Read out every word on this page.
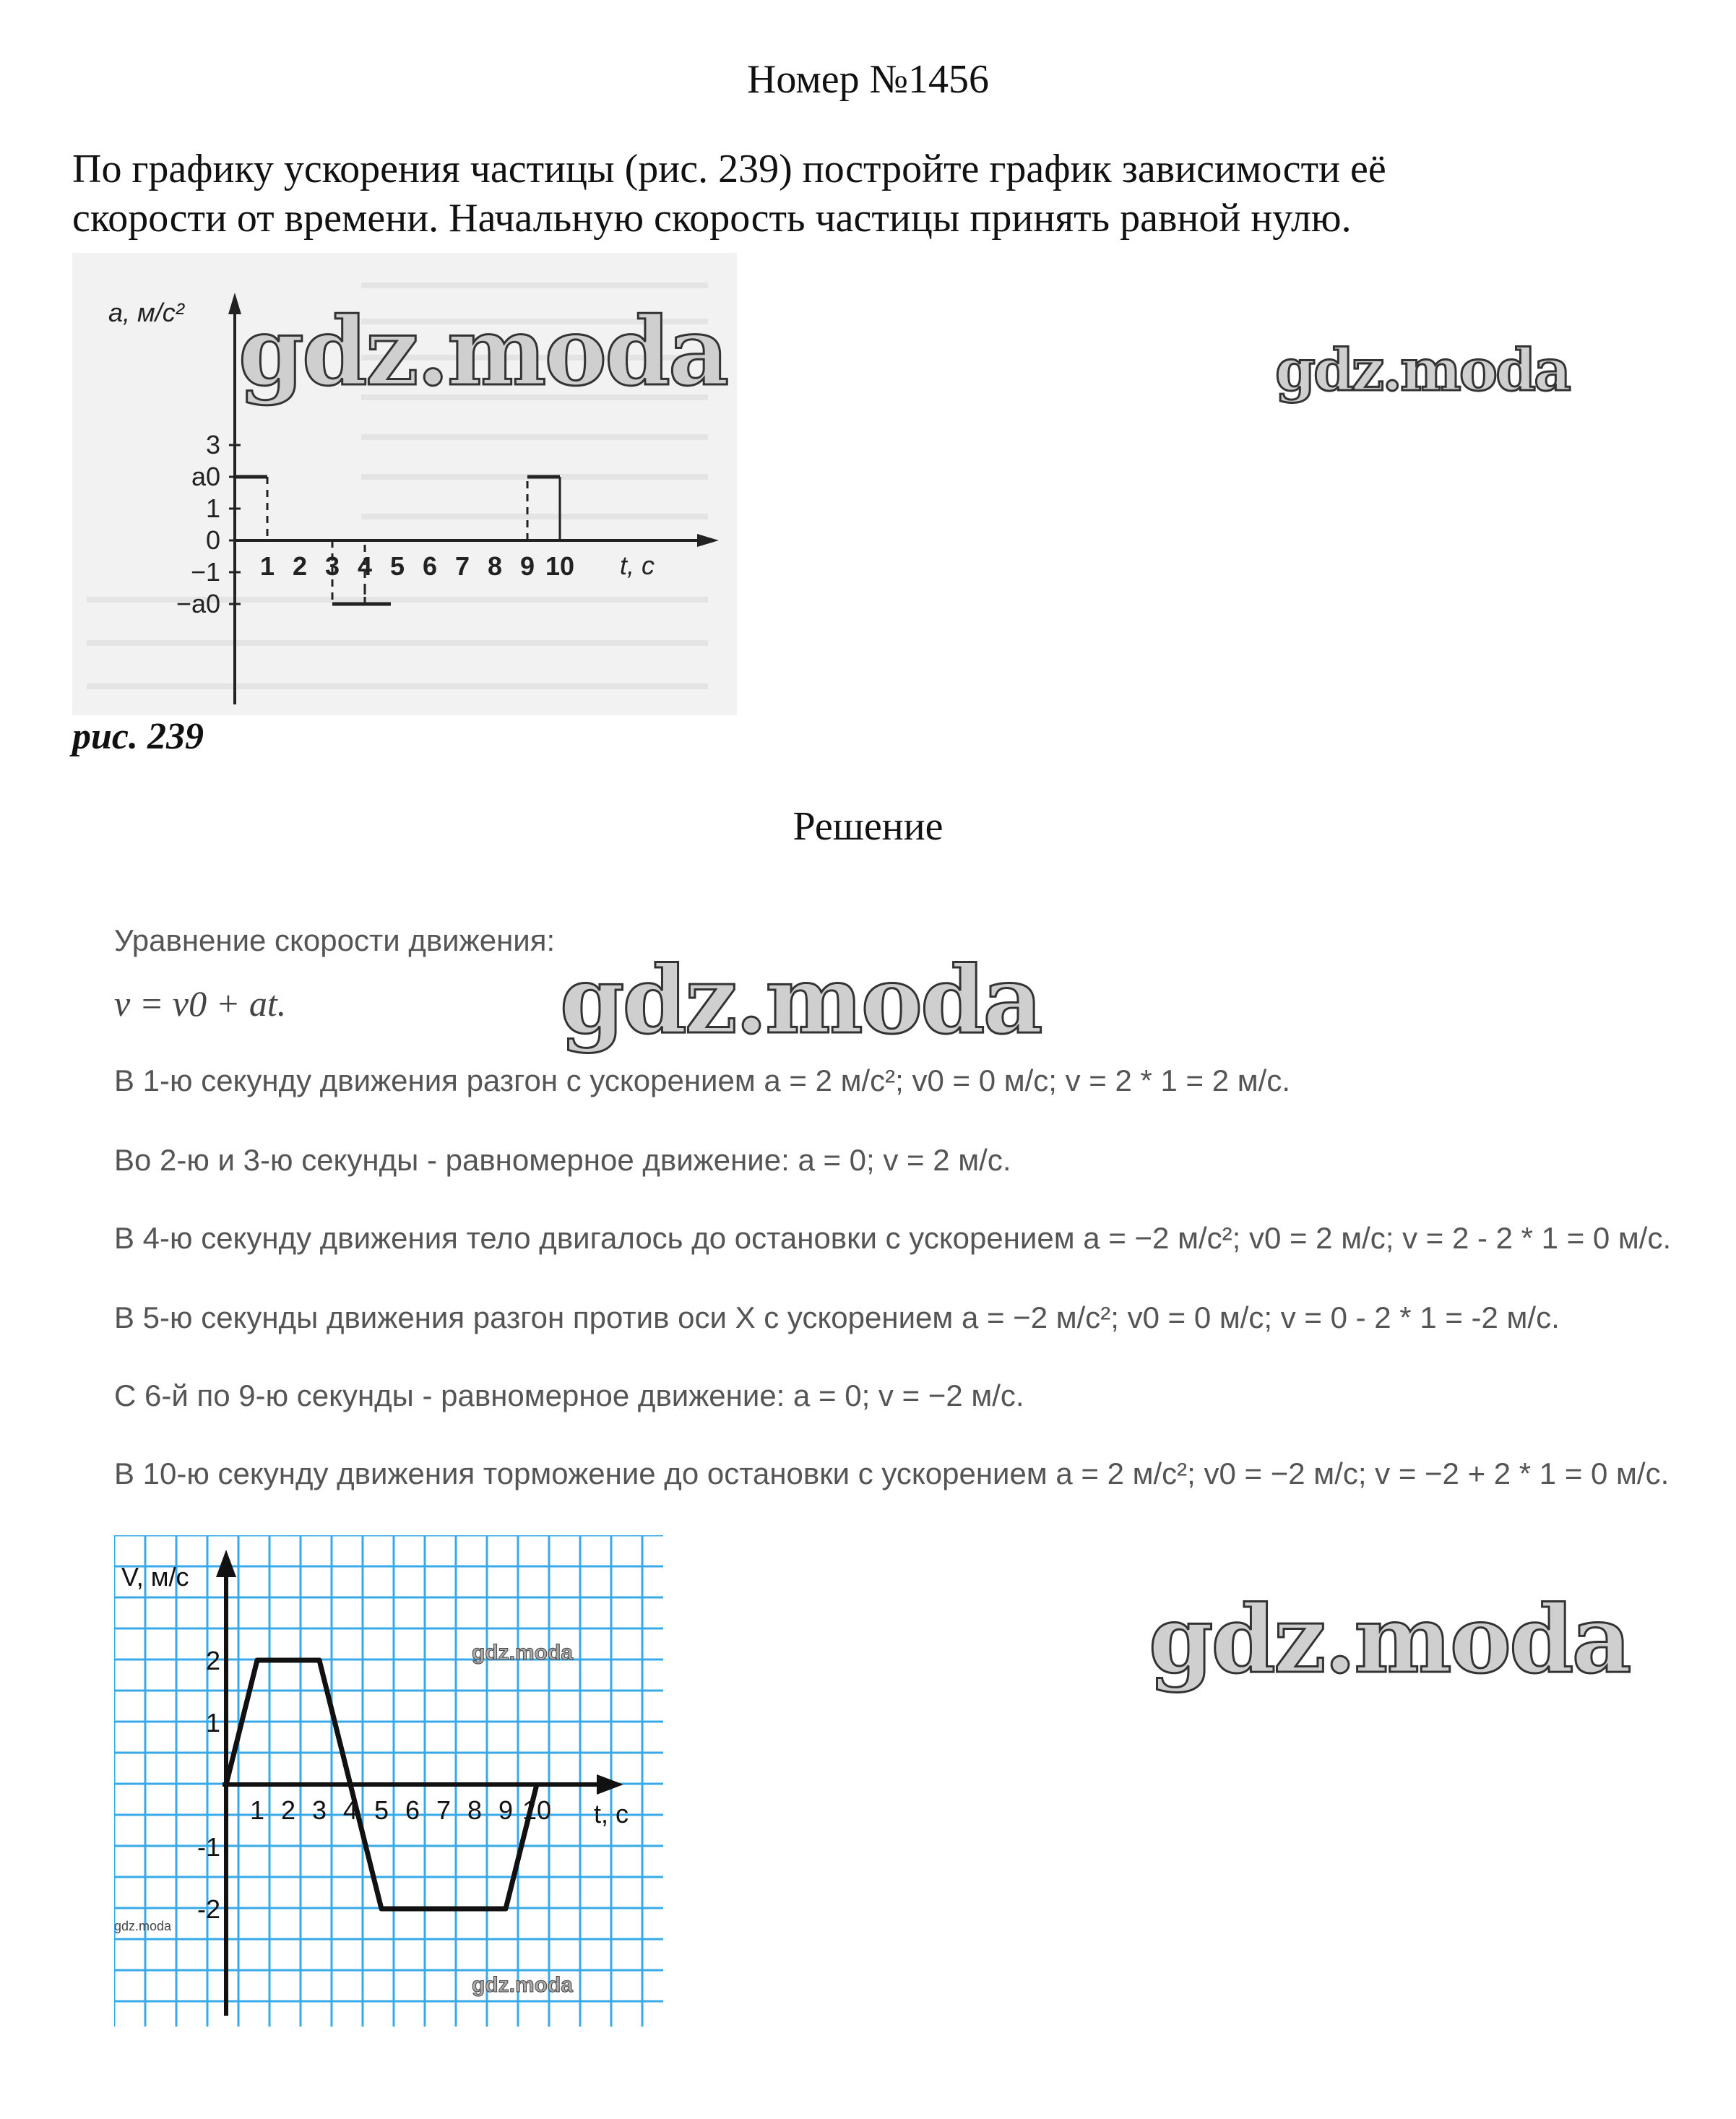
Номер №1456

По графику ускорения частицы (рис. 239) постройте график зависимости её

скорости от времени. Начальную скорость частицы принять равной нулю.

a, м/с²
t, с
3
a0
1
0
−1
−a0
1 2 3 4 5 6 7 8 9 10
рис. 239
gdz.moda	gdz.moda
gdz.moda
gdz.moda
Решение
Уравнение скорости движения:
v = v0 + at.
В 1-ю секунду движения разгон с ускорением a = 2 м/с²; v0 = 0 м/с; v = 2 * 1 = 2 м/с.
Во 2-ю и 3-ю секунды - равномерное движение: a = 0; v = 2 м/с.
В 4-ю секунду движения тело двигалось до остановки с ускорением a = −2 м/с²; v0 = 2 м/с; v = 2 - 2 * 1 = 0 м/с.
В 5-ю секунды движения разгон против оси X с ускорением a = −2 м/с²; v0 = 0 м/с; v = 0 - 2 * 1 = -2 м/с.
С 6-й по 9-ю секунды - равномерное движение: a = 0; v = −2 м/с.
В 10-ю секунду движения торможение до остановки с ускорением a = 2 м/с²; v0 = −2 м/с; v = −2 + 2 * 1 = 0 м/с.
V, м/с
t, с
gdz.moda
gdz.moda
gdz.moda
2
1
-1
-2
1 2 3 4 5 6 7 8 9 10
